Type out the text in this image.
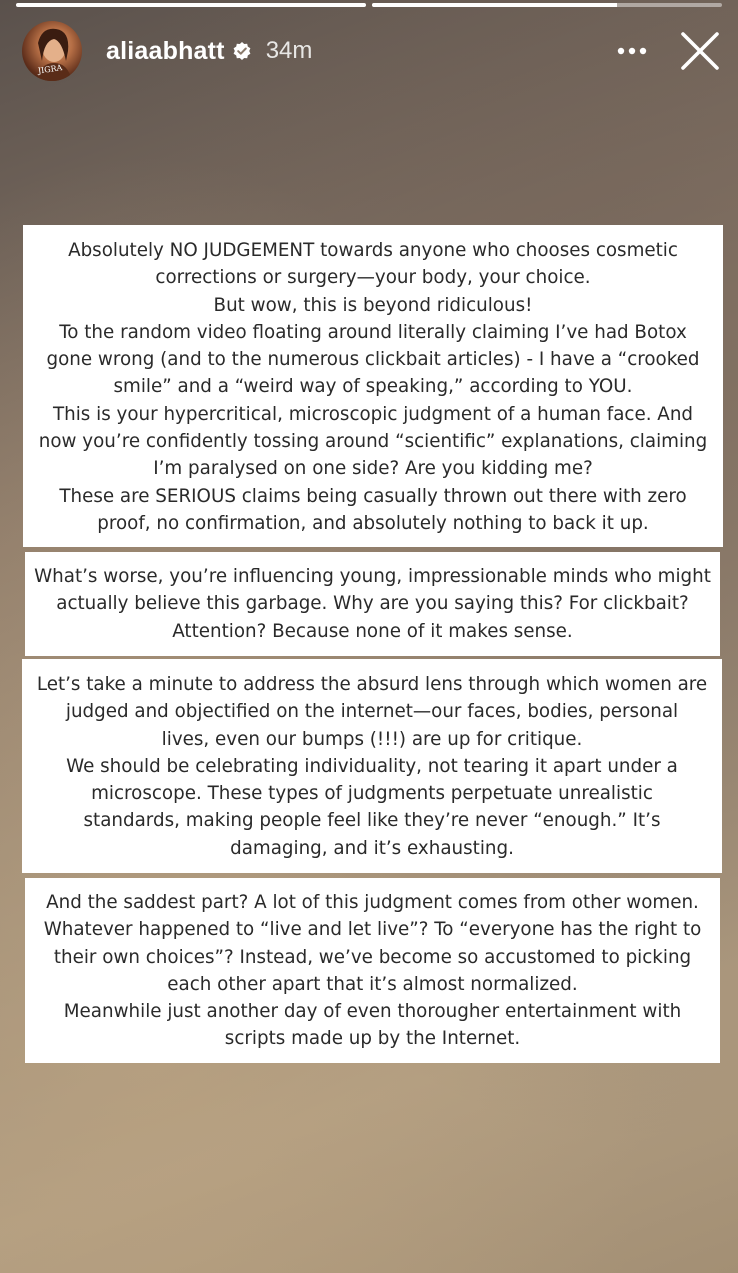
JIGRA
aliaabhatt 34m

Absolutely NO JUDGEMENT towards anyone who chooses cosmetic

corrections or surgery—your body, your choice.

But wow, this is beyond ridiculous!

To the random video floating around literally claiming I’ve had Botox

gone wrong (and to the numerous clickbait articles) - I have a “crooked

smile” and a “weird way of speaking,” according to YOU.

This is your hypercritical, microscopic judgment of a human face. And

now you’re confidently tossing around “scientific” explanations, claiming

I’m paralysed on one side? Are you kidding me?

These are SERIOUS claims being casually thrown out there with zero

proof, no confirmation, and absolutely nothing to back it up.

What’s worse, you’re influencing young, impressionable minds who might

actually believe this garbage. Why are you saying this? For clickbait?

Attention? Because none of it makes sense.

Let’s take a minute to address the absurd lens through which women are

judged and objectified on the internet—our faces, bodies, personal

lives, even our bumps (!!!) are up for critique.

We should be celebrating individuality, not tearing it apart under a

microscope. These types of judgments perpetuate unrealistic

standards, making people feel like they’re never “enough.” It’s

damaging, and it’s exhausting.

And the saddest part? A lot of this judgment comes from other women.

Whatever happened to “live and let live”? To “everyone has the right to

their own choices”? Instead, we’ve become so accustomed to picking

each other apart that it’s almost normalized.

Meanwhile just another day of even thorougher entertainment with

scripts made up by the Internet.
